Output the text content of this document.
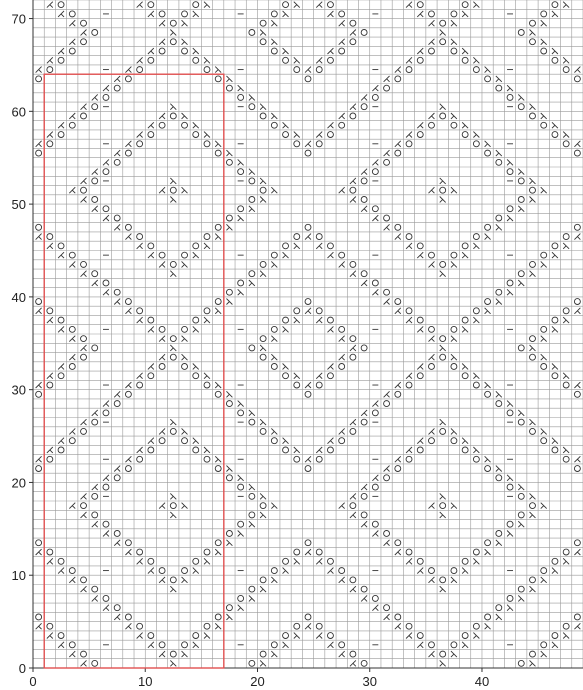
0	10	20	30	40
0
10
20
30
40
50
60
70
